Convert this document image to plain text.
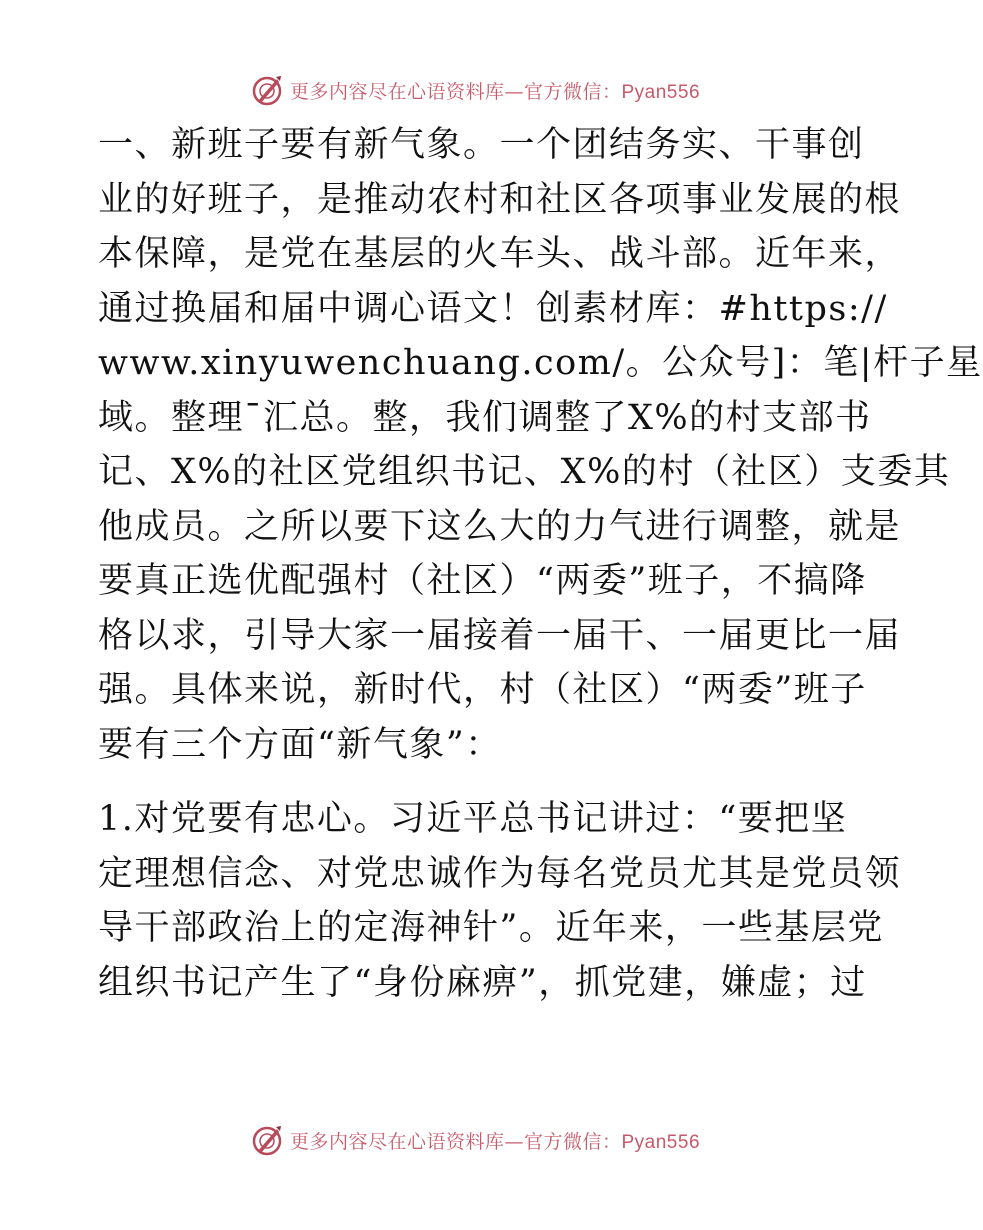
更多内容尽在心语资料库—官方微信：Pyan556

一、新班子要有新气象。一个团结务实、干事创
业的好班子，是推动农村和社区各项事业发展的根
本保障，是党在基层的火车头、战斗部。近年来，
通过换届和届中调心语文！创素材库：#https://
www.xinyuwenchuang.com/。公众号]：笔|杆子星
域。整理¯汇总。整，我们调整了X%的村支部书
记、X%的社区党组织书记、X%的村（社区）支委其
他成员。之所以要下这么大的力气进行调整，就是
要真正选优配强村（社区）“两委”班子，不搞降
格以求，引导大家一届接着一届干、一届更比一届
强。具体来说，新时代，村（社区）“两委”班子
要有三个方面“新气象”：

1.对党要有忠心。习近平总书记讲过：“要把坚
定理想信念、对党忠诚作为每名党员尤其是党员领
导干部政治上的定海神针”。近年来，一些基层党
组织书记产生了“身份麻痹”，抓党建，嫌虚；过

更多内容尽在心语资料库—官方微信：Pyan556
